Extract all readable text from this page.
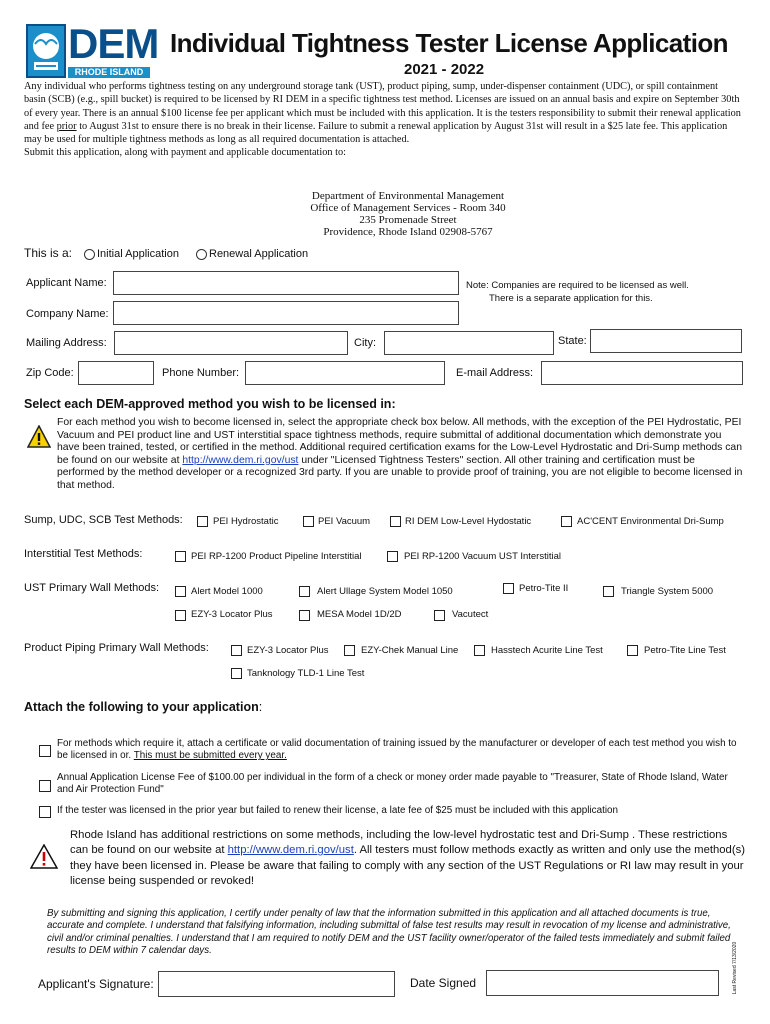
DEM
RHODE ISLAND
Individual Tightness Tester License Application
2021 - 2022
Any individual who performs tightness testing on any underground storage tank (UST), product piping, sump, under-dispenser containment (UDC), or spill containment basin (SCB) (e.g., spill bucket) is required to be licensed by RI DEM in a specific tightness test method. Licenses are issued on an annual basis and expire on September 30th of every year. There is an annual $100 license fee per applicant which must be included with this application. It is the testers responsibility to submit their renewal application and fee prior to August 31st to ensure there is no break in their license. Failure to submit a renewal application by August 31st will result in a $25 late fee. This application may be used for multiple tightness methods as long as all required documentation is attached.
Submit this application, along with payment and applicable documentation to:
Department of Environmental Management
Office of Management Services - Room 340
235 Promenade Street
Providence, Rhode Island 02908-5767
This is a:	Initial Application	Renewal Application
Applicant Name:	Note: Companies are required to be licensed as well.
There is a separate application for this.
Company Name:
Mailing Address:	City:	State:
Zip Code:	Phone Number:	E-mail Address:
Select each DEM-approved method you wish to be licensed in:
For each method you wish to become licensed in, select the appropriate check box below. All methods, with the exception of the PEI Hydrostatic, PEI Vacuum and PEI product line and UST interstitial space tightness methods, require submittal of additional documentation which demonstrate you have been trained, tested, or certified in the method. Additional required certification exams for the Low-Level Hydrostatic and Dri-Sump methods can be found on our website at http://www.dem.ri.gov/ust under "Licensed Tightness Testers" section. All other training and certification must be performed by the method developer or a recognized 3rd party. If you are unable to provide proof of training, you are not eligible to become licensed in that method.
Sump, UDC, SCB Test Methods:	PEI Hydrostatic	PEI Vacuum	RI DEM Low-Level Hydostatic	AC'CENT Environmental Dri-Sump
Interstitial Test Methods:	PEI RP-1200 Product Pipeline Interstitial	PEI RP-1200 Vacuum UST Interstitial
UST Primary Wall Methods:	Alert Model 1000	Alert Ullage System Model 1050	Petro-Tite II	Triangle System 5000
EZY-3 Locator Plus	MESA Model 1D/2D	Vacutect
Product Piping Primary Wall Methods:	EZY-3 Locator Plus	EZY-Chek Manual Line	Hasstech Acurite Line Test	Petro-Tite Line Test
Tanknology TLD-1 Line Test
Attach the following to your application:
For methods which require it, attach a certificate or valid documentation of training issued by the manufacturer or developer of each test method you wish to be licensed in or. This must be submitted every year.
Annual Application License Fee of $100.00 per individual in the form of a check or money order made payable to "Treasurer, State of Rhode Island, Water and Air Protection Fund"
If the tester was licensed in the prior year but failed to renew their license, a late fee of $25 must be included with this application
Rhode Island has additional restrictions on some methods, including the low-level hydrostatic test and Dri-Sump . These restrictions can be found on our website at http://www.dem.ri.gov/ust. All testers must follow methods exactly as written and only use the method(s) they have been licensed in. Please be aware that failing to comply with any section of the UST Regulations or RI law may result in your license being suspended or revoked!
By submitting and signing this application, I certify under penalty of law that the information submitted in this application and all attached documents is true, accurate and complete. I understand that falsifying information, including submittal of false test results may result in revocation of my license and administrative, civil and/or criminal penalties. I understand that I am required to notify DEM and the UST facility owner/operator of the failed tests immediately and submit failed results to DEM within 7 calendar days.
Applicant's Signature:	Date Signed	Last Revised 7/13/2020
